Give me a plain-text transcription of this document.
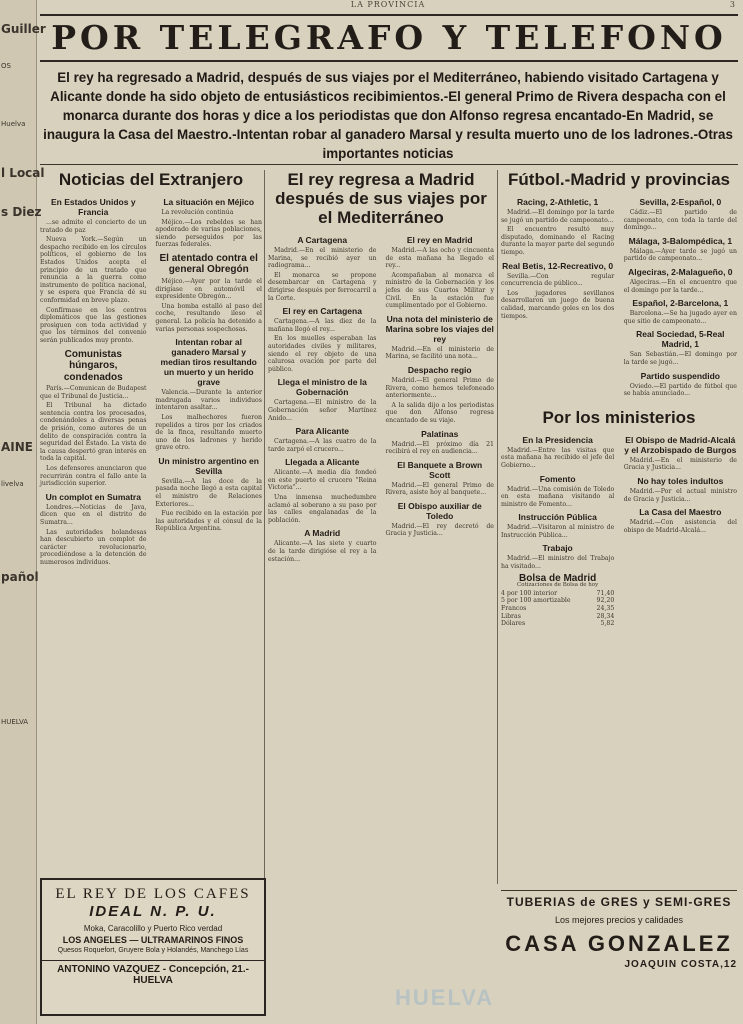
Guiller
OS
Huelva
l Local
s Diez
AINE
livelva
pañol
HUELVA
LA PROVINCIA	3
POR TELEGRAFO Y TELEFONO
El rey ha regresado a Madrid, después de sus viajes por el Mediterráneo, habiendo visitado Cartagena y Alicante donde ha sido objeto de entusiásticos recibimientos.-El general Primo de Rivera despacha con el monarca durante dos horas y dice a los periodistas que don Alfonso regresa encantado-En Madrid, se inaugura la Casa del Maestro.-Intentan robar al ganadero Marsal y resulta muerto uno de los ladrones.-Otras importantes noticias
Noticias del Extranjero
En Estados Unidos y Francia

...se admite el concierto de un tratado de paz

Nueva York.—Según un despacho recibido en los círculos políticos, el gobierno de los Estados Unidos acepta el principio de un tratado que renuncia a la guerra como instrumento de política nacional, y se espera que Francia dé su conformidad en breve plazo.

Confírmase en los centros diplomáticos que las gestiones prosiguen con toda actividad y que los términos del convenio serán publicados muy pronto.

Comunistas húngaros, condenados

París.—Comunican de Budapest que el Tribunal de Justicia...

El Tribunal ha dictado sentencia contra los procesados, condenándoles a diversas penas de prisión, como autores de un delito de conspiración contra la seguridad del Estado. La vista de la causa despertó gran interés en toda la capital.

Los defensores anunciaron que recurrirán contra el fallo ante la jurisdicción superior.

Un complot en Sumatra

Londres.—Noticias de Java, dicen que en el distrito de Sumatra...

Las autoridades holandesas han descubierto un complot de carácter revolucionario, procediéndose a la detención de numerosos individuos.

La situación en Méjico

La revolución continúa

Méjico.—Los rebeldes se han apoderado de varias poblaciones, siendo perseguidos por las fuerzas federales.

El atentado contra el general Obregón

Méjico.—Ayer por la tarde el dirigíase en automóvil el expresidente Obregón...

Una bomba estalló al paso del coche, resultando ileso el general. La policía ha detenido a varias personas sospechosas.

Intentan robar al ganadero Marsal y median tiros resultando un muerto y un herido grave

Valencia.—Durante la anterior madrugada varios individuos intentaron asaltar...

Los malhechores fueron repelidos a tiros por los criados de la finca, resultando muerto uno de los ladrones y herido grave otro.

Un ministro argentino en Sevilla

Sevilla.—A las doce de la pasada noche llegó a esta capital el ministro de Relaciones Exteriores...

Fue recibido en la estación por las autoridades y el cónsul de la República Argentina.

El rey regresa a Madrid después de sus viajes por el Mediterráneo
A Cartagena

Madrid.—En el ministerio de Marina, se recibió ayer un radiograma...

El monarca se propone desembarcar en Cartagena y dirigirse después por ferrocarril a la Corte.

El rey en Cartagena

Cartagena.—A las diez de la mañana llegó el rey...

En los muelles esperaban las autoridades civiles y militares, siendo el rey objeto de una calurosa ovación por parte del público.

Llega el ministro de la Gobernación

Cartagena.—El ministro de la Gobernación señor Martínez Anido...

Para Alicante

Cartagena.—A las cuatro de la tarde zarpó el crucero...

Llegada a Alicante

Alicante.—A media día fondeó en este puerto el crucero "Reina Victoria"...

Una inmensa muchedumbre aclamó al soberano a su paso por las calles engalanadas de la población.

A Madrid

Alicante.—A las siete y cuarto de la tarde dirigióse el rey a la estación...

El rey en Madrid

Madrid.—A las ocho y cincuenta de esta mañana ha llegado el rey...

Acompañaban al monarca el ministro de la Gobernación y los jefes de sus Cuartos Militar y Civil. En la estación fue cumplimentado por el Gobierno.

Una nota del ministerio de Marina sobre los viajes del rey

Madrid.—En el ministerio de Marina, se facilitó una nota...

Despacho regio

Madrid.—El general Primo de Rivera, como hemos telefoneado anteriormente...

A la salida dijo a los periodistas que don Alfonso regresa encantado de su viaje.

Palatinas

Madrid.—El próximo día 21 recibirá el rey en audiencia...

El Banquete a Brown Scott

Madrid.—El general Primo de Rivera, asiste hoy al banquete...

El Obispo auxiliar de Toledo

Madrid.—El rey decretó de Gracia y Justicia...

Fútbol.-Madrid y provincias
Racing, 2-Athletic, 1

Madrid.—El domingo por la tarde se jugó un partido de campeonato...

El encuentro resultó muy disputado, dominando el Racing durante la mayor parte del segundo tiempo.

Real Betis, 12-Recreativo, 0

Sevilla.—Con regular concurrencia de público...

Los jugadores sevillanos desarrollaron un juego de buena calidad, marcando goles en los dos tiempos.

Sevilla, 2-Español, 0

Cádiz.—El partido de campeonato, con toda la tarde del domingo...

Málaga, 3-Balompédica, 1

Málaga.—Ayer tarde se jugó un partido de campeonato...

Algeciras, 2-Malagueño, 0

Algeciras.—En el encuentro que el domingo por la tarde...

Español, 2-Barcelona, 1

Barcelona.—Se ha jugado ayer en que sitio de campeonato...

Real Sociedad, 5-Real Madrid, 1

San Sebastián.—El domingo por la tarde se jugó...

Partido suspendido

Oviedo.—El partido de fútbol que se había anunciado...

Por los ministerios
En la Presidencia

Madrid.—Entre las visitas que esta mañana ha recibido el jefe del Gobierno...

Fomento

Madrid.—Una comisión de Toledo en esta mañana visitando al ministro de Fomento...

Instrucción Pública

Madrid.—Visitaron al ministro de Instrucción Pública...

Trabajo

Madrid.—El ministro del Trabajo ha visitado...

Bolsa de Madrid
Cotizaciones de Bolsa de hoy
4 por 100 interior	71,40
5 por 100 amortizable	92,20
Francos	24,35
Libras	28,34
Dólares	5,82
El Obispo de Madrid-Alcalá y el Arzobispado de Burgos

Madrid.—En el ministerio de Gracia y Justicia...

No hay toles indultos

Madrid.—Por el actual ministro de Gracia y Justicia...

La Casa del Maestro

Madrid.—Con asistencia del obispo de Madrid-Alcalá...

EL REY DE LOS CAFES
IDEAL N. P. U.
Moka, Caracolillo y Puerto Rico verdad
LOS ANGELES — ULTRAMARINOS FINOS
Quesos Roquefort, Gruyere Bola y Holandés, Manchego Lías
ANTONINO VAZQUEZ - Concepción, 21.-HUELVA
TUBERIAS de GRES y SEMI-GRES
Los mejores precios y calidades
CASA GONZALEZ
JOAQUIN COSTA,12
HUELVA
